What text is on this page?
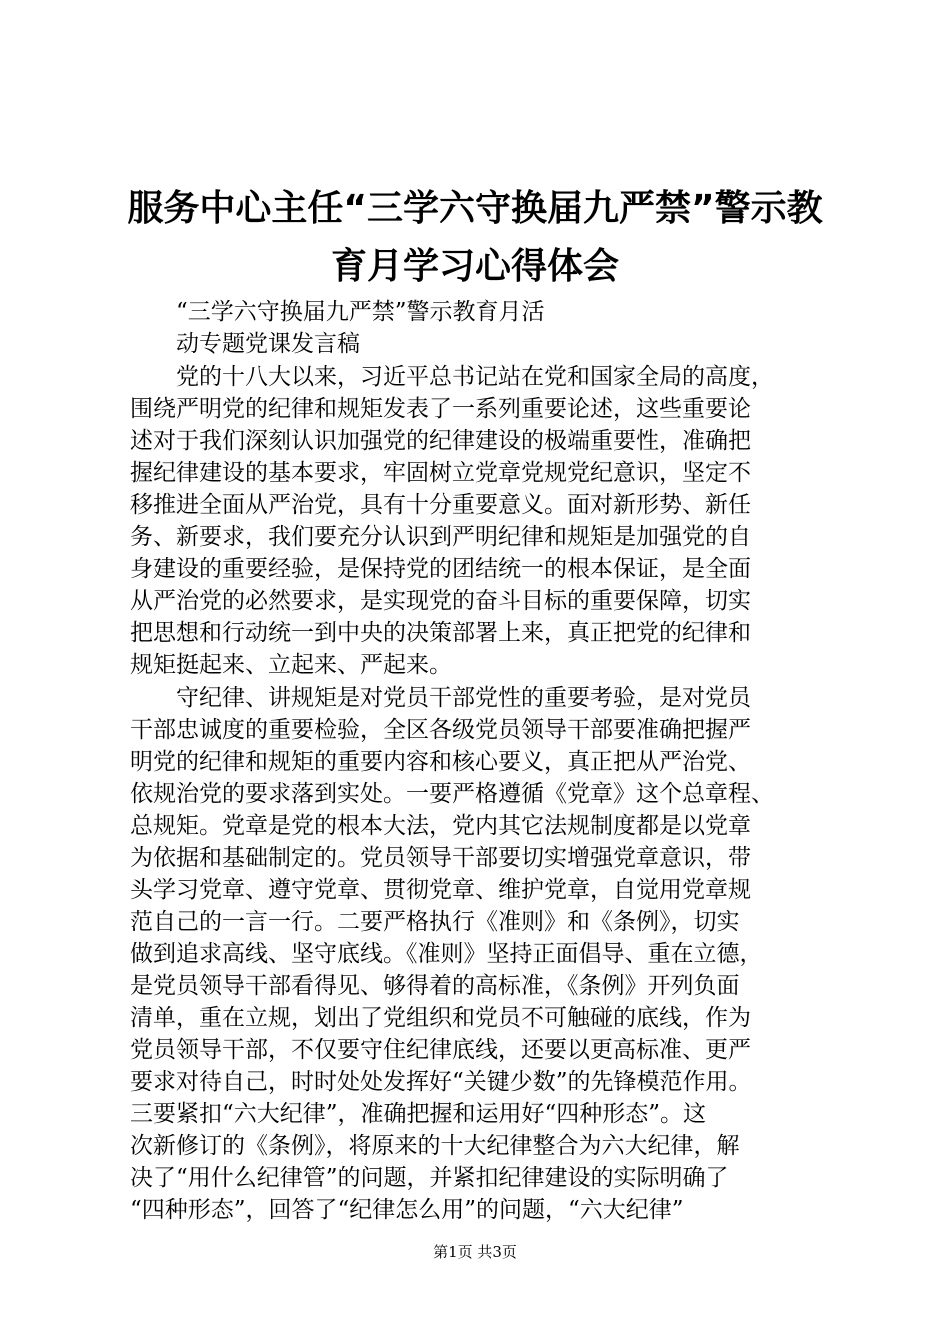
服务中心主任“三学六守换届九严禁”警示教
育月学习心得体会
“三学六守换届九严禁”警示教育月活
动专题党课发言稿
党的十八大以来，习近平总书记站在党和国家全局的高度，
围绕严明党的纪律和规矩发表了一系列重要论述，这些重要论
述对于我们深刻认识加强党的纪律建设的极端重要性，准确把
握纪律建设的基本要求，牢固树立党章党规党纪意识，坚定不
移推进全面从严治党，具有十分重要意义。面对新形势、新任
务、新要求，我们要充分认识到严明纪律和规矩是加强党的自
身建设的重要经验，是保持党的团结统一的根本保证，是全面
从严治党的必然要求，是实现党的奋斗目标的重要保障，切实
把思想和行动统一到中央的决策部署上来，真正把党的纪律和
规矩挺起来、立起来、严起来。
守纪律、讲规矩是对党员干部党性的重要考验，是对党员
干部忠诚度的重要检验，全区各级党员领导干部要准确把握严
明党的纪律和规矩的重要内容和核心要义，真正把从严治党、
依规治党的要求落到实处。一要严格遵循《党章》这个总章程、
总规矩。党章是党的根本大法，党内其它法规制度都是以党章
为依据和基础制定的。党员领导干部要切实增强党章意识，带
头学习党章、遵守党章、贯彻党章、维护党章，自觉用党章规
范自己的一言一行。二要严格执行《准则》和《条例》，切实
做到追求高线、坚守底线。《准则》坚持正面倡导、重在立德，
是党员领导干部看得见、够得着的高标准，《条例》开列负面
清单，重在立规，划出了党组织和党员不可触碰的底线，作为
党员领导干部，不仅要守住纪律底线，还要以更高标准、更严
要求对待自己，时时处处发挥好“关键少数”的先锋模范作用。
三要紧扣“六大纪律”，准确把握和运用好“四种形态”。这
次新修订的《条例》，将原来的十大纪律整合为六大纪律，解
决了“用什么纪律管”的问题，并紧扣纪律建设的实际明确了
“四种形态”，回答了“纪律怎么用”的问题，“六大纪律”
第1页 共3页
